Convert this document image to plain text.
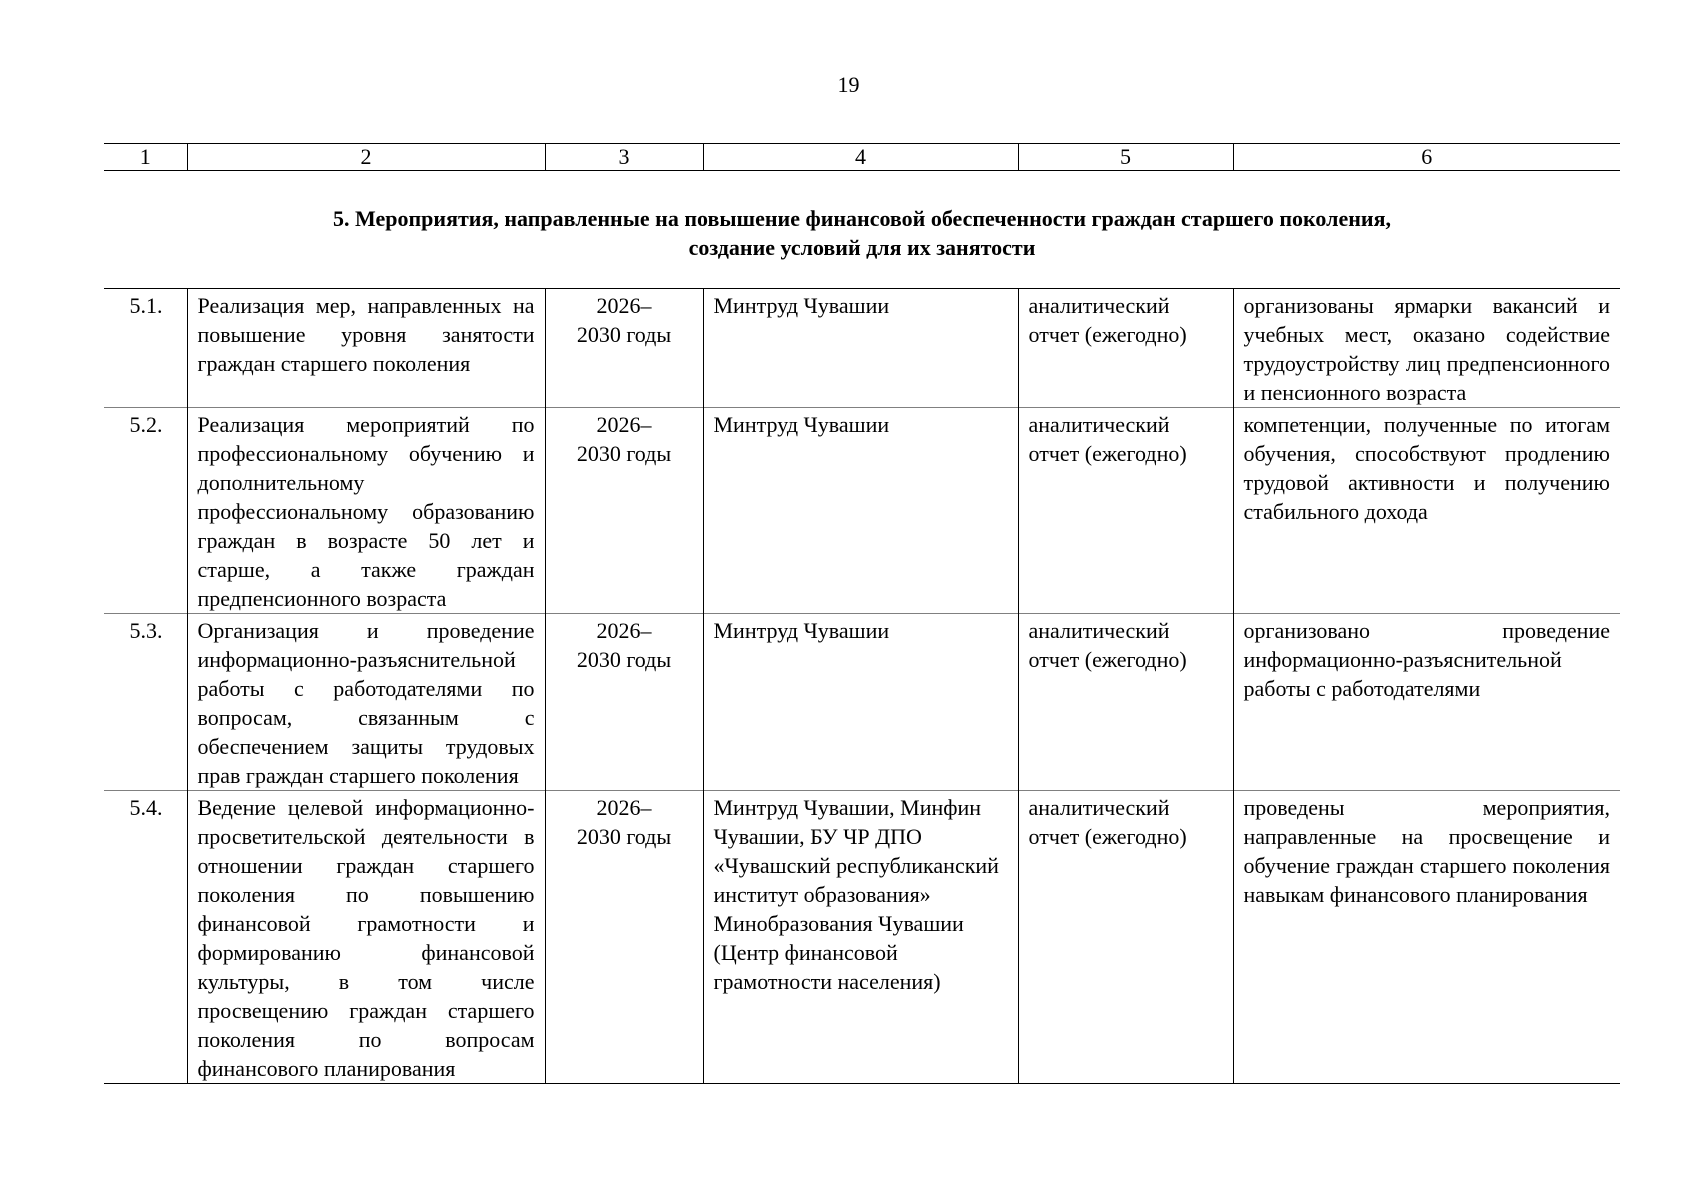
19
1	2	3	4	5	6
5. Мероприятия, направленные на повышение финансовой обеспеченности граждан старшего поколения,
создание условий для их занятости
5.1.	Реализация мер, направленных на повышение уровня занятости граждан старшего поколения	2026–
2030 годы	Минтруд Чувашии	аналитический отчет (ежегодно)	организованы ярмарки вакансий и учебных мест, оказано содействие трудоустройству лиц предпенсионного и пенсионного возраста
5.2.	Реализация мероприятий по профессиональному обучению и дополнительному профессиональному образованию граждан в возрасте 50 лет и старше, а также граждан предпенсионного возраста	2026–
2030 годы	Минтруд Чувашии	аналитический отчет (ежегодно)	компетенции, полученные по итогам обучения, способствуют продлению трудовой активности и получению стабильного дохода
5.3.	Организация и проведение информационно-разъяснительной работы с работодателями по вопросам, связанным с обеспечением защиты трудовых прав граждан старшего поколения	2026–
2030 годы	Минтруд Чувашии	аналитический отчет (ежегодно)	организовано проведение информационно-разъяснительной работы с работодателями
5.4.	Ведение целевой информационно-просветительской деятельности в отношении граждан старшего поколения по повышению финансовой грамотности и формированию финансовой культуры, в том числе просвещению граждан старшего поколения по вопросам финансового планирования	2026–
2030 годы	Минтруд Чувашии, Минфин Чувашии, БУ ЧР ДПО «Чувашский республиканский институт образования» Минобразования Чувашии (Центр финансовой грамотности населения)	аналитический отчет (ежегодно)	проведены мероприятия, направленные на просвещение и обучение граждан старшего поколения навыкам финансового планирования
